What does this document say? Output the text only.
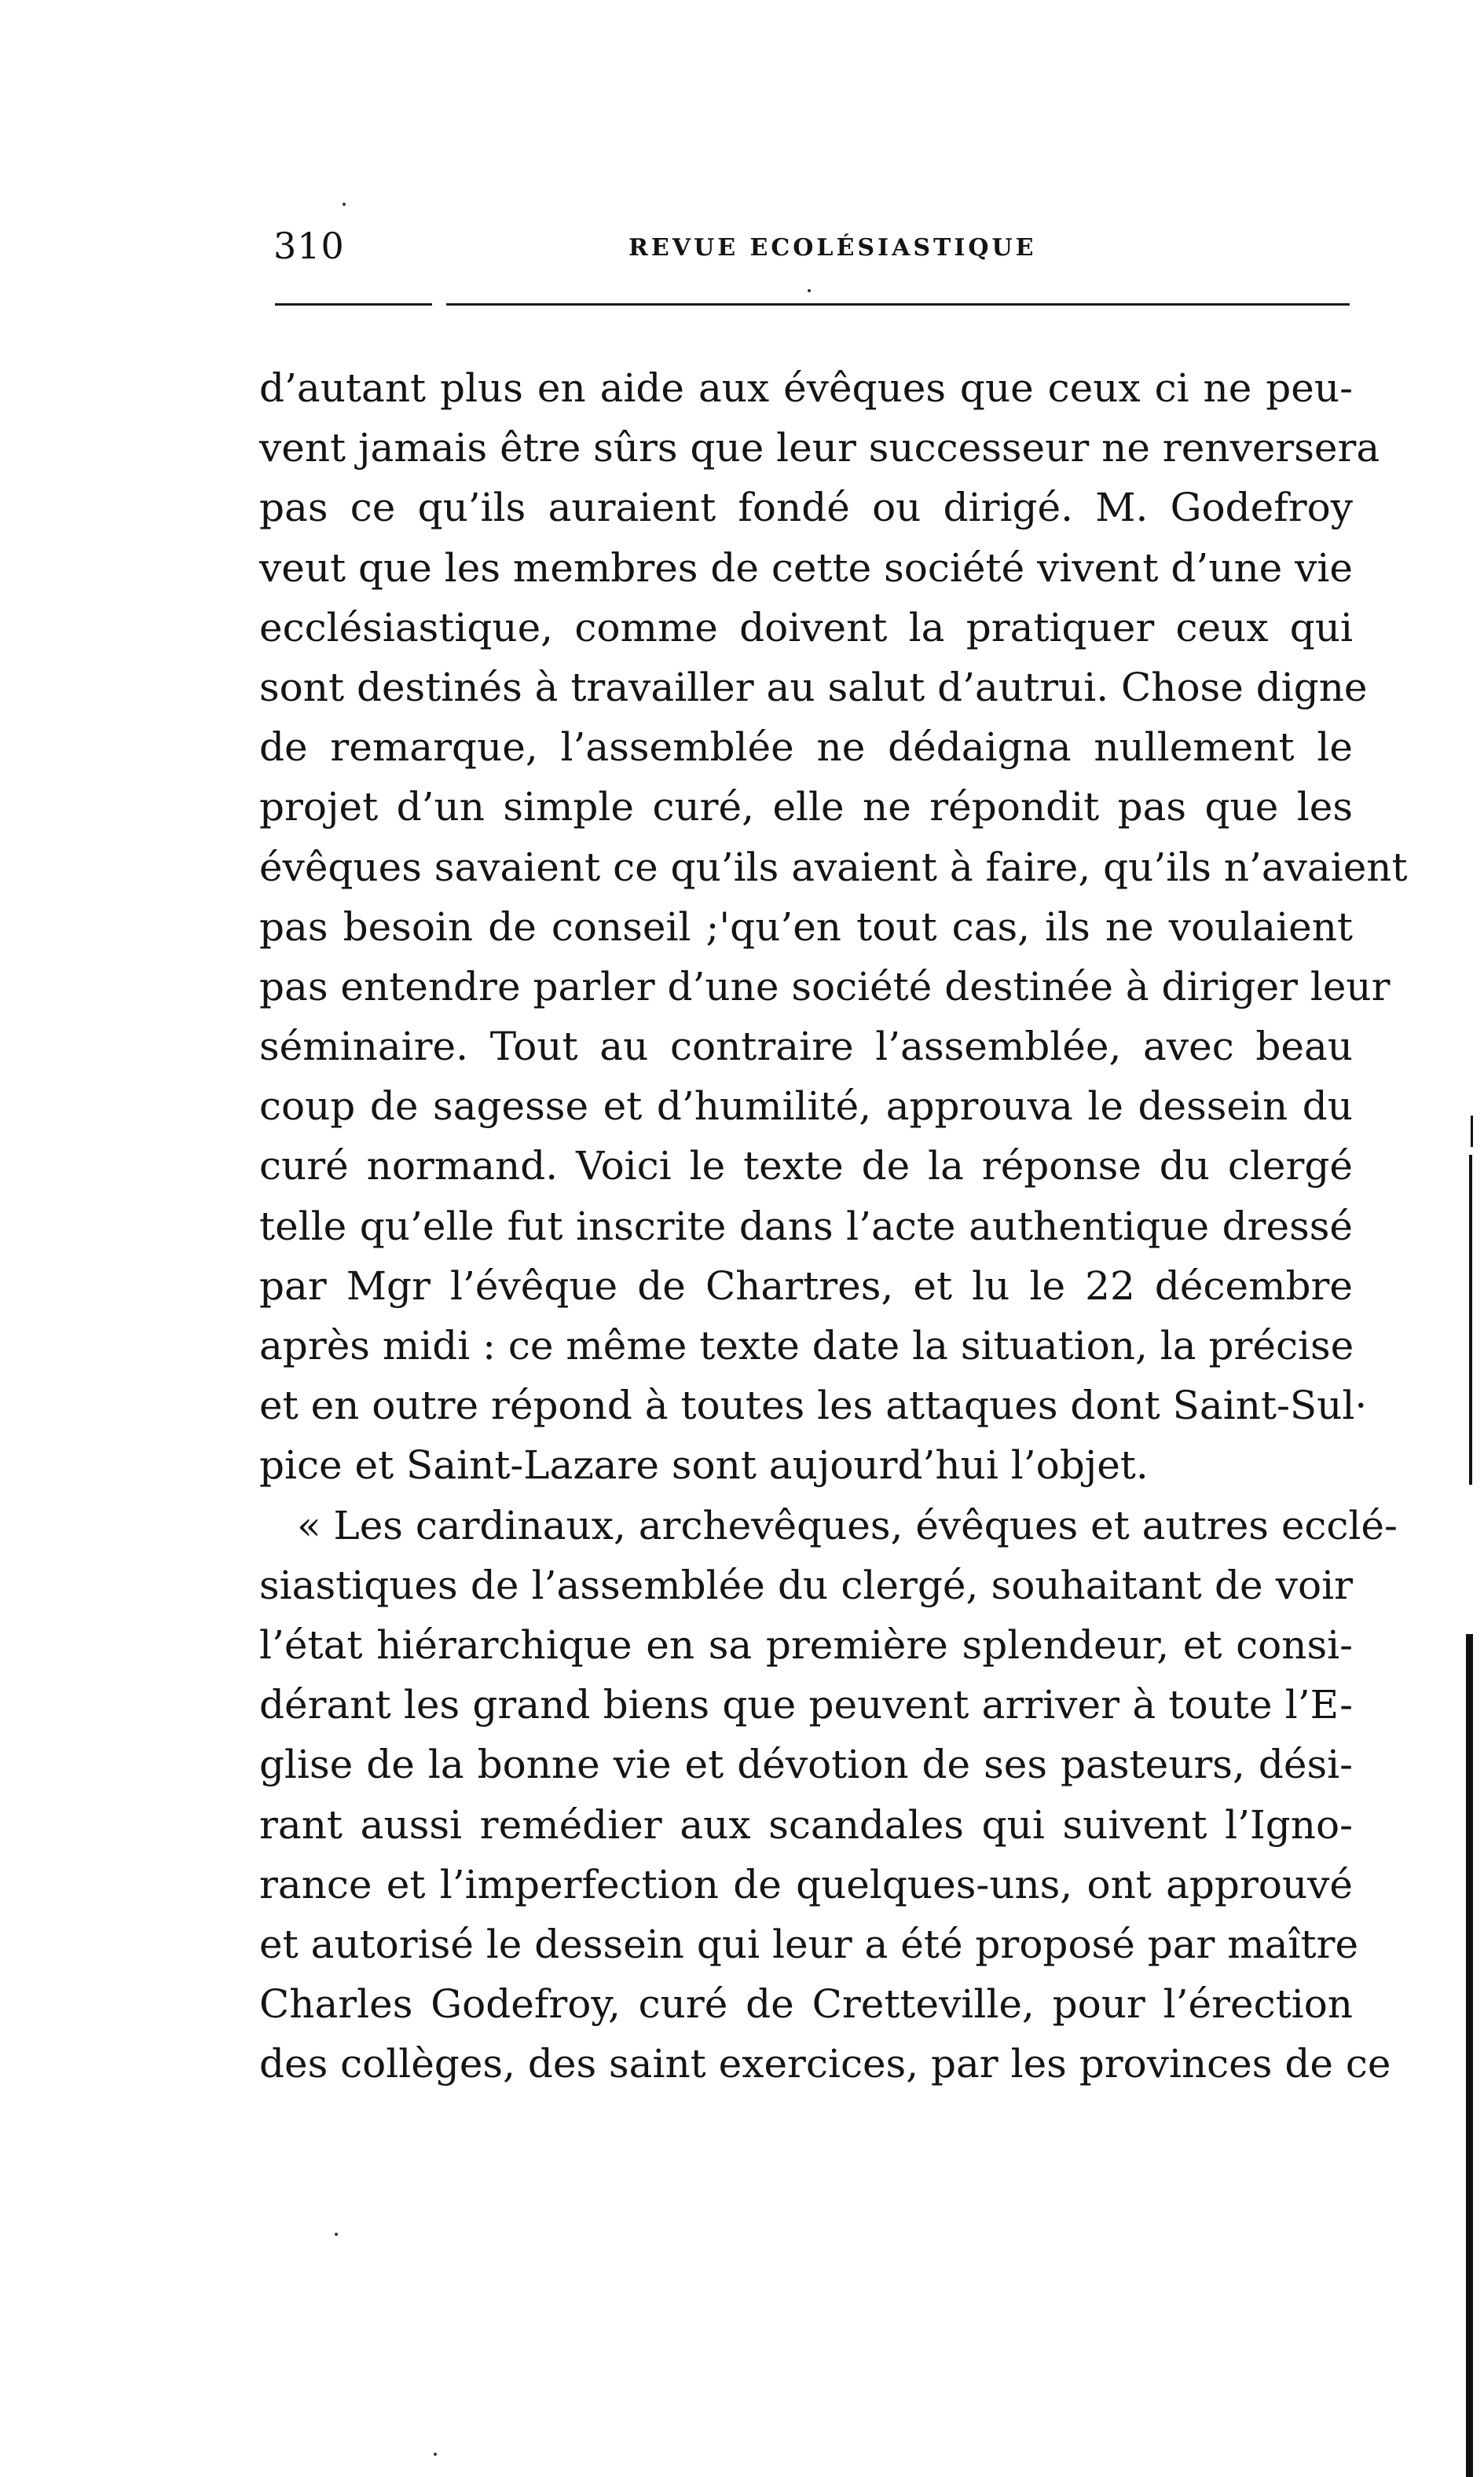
310	REVUE ECOLÉSIASTIQUE
d’autant plus en aide aux évêques que ceux ci ne peu-
vent jamais être sûrs que leur successeur ne renversera
pas ce qu’ils auraient fondé ou dirigé. M. Godefroy
veut que les membres de cette société vivent d’une vie
ecclésiastique, comme doivent la pratiquer ceux qui
sont destinés à travailler au salut d’autrui. Chose digne
de remarque, l’assemblée ne dédaigna nullement le
projet d’un simple curé, elle ne répondit pas que les
évêques savaient ce qu’ils avaient à faire, qu’ils n’avaient
pas besoin de conseil ;'qu’en tout cas, ils ne voulaient
pas entendre parler d’une société destinée à diriger leur
séminaire. Tout au contraire l’assemblée, avec beau
coup de sagesse et d’humilité, approuva le dessein du
curé normand. Voici le texte de la réponse du clergé
telle qu’elle fut inscrite dans l’acte authentique dressé
par Mgr l’évêque de Chartres, et lu le 22 décembre
après midi : ce même texte date la situation, la précise
et en outre répond à toutes les attaques dont Saint-Sul·
pice et Saint-Lazare sont aujourd’hui l’objet.
« Les cardinaux, archevêques, évêques et autres ecclé-
siastiques de l’assemblée du clergé, souhaitant de voir
l’état hiérarchique en sa première splendeur, et consi-
dérant les grand biens que peuvent arriver à toute l’E-
glise de la bonne vie et dévotion de ses pasteurs, dési-
rant aussi remédier aux scandales qui suivent l’Igno-
rance et l’imperfection de quelques-uns, ont approuvé
et autorisé le dessein qui leur a été proposé par maître
Charles Godefroy, curé de Cretteville, pour l’érection
des collèges, des saint exercices, par les provinces de ce
